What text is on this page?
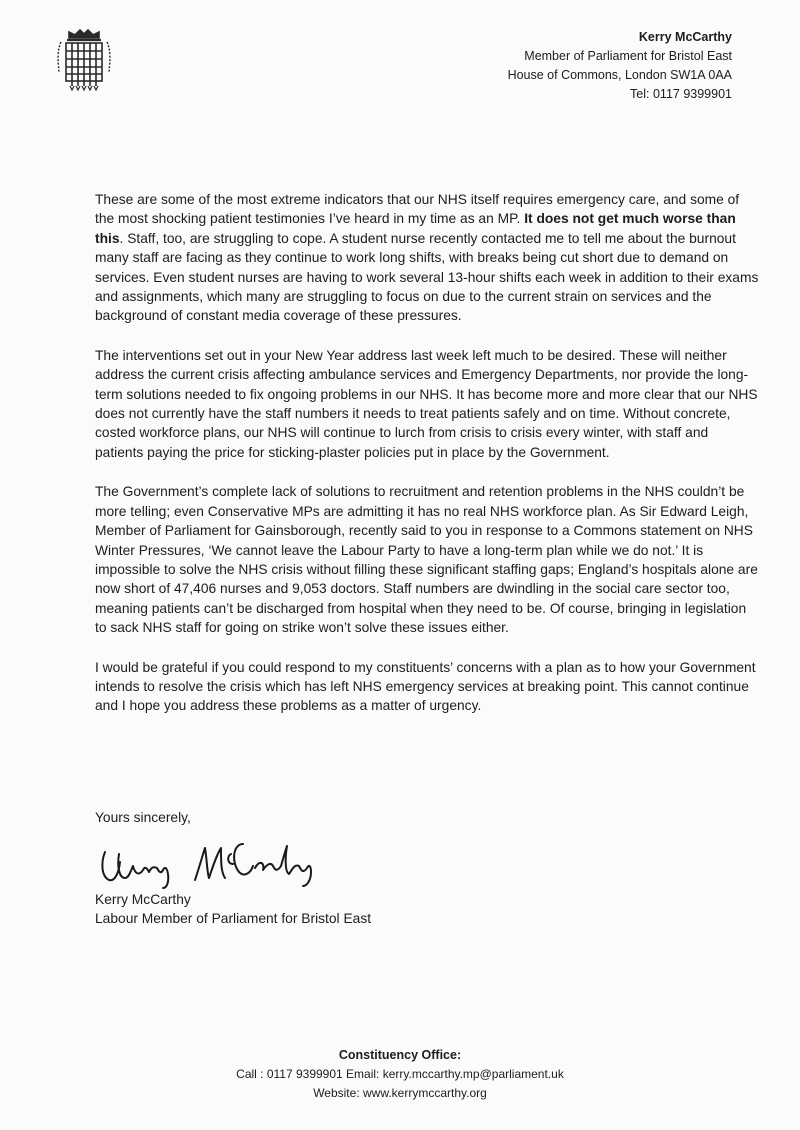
Kerry McCarthy
Member of Parliament for Bristol East
House of Commons, London SW1A 0AA
Tel: 0117 9399901

These are some of the most extreme indicators that our NHS itself requires emergency care, and some of the most shocking patient testimonies I’ve heard in my time as an MP. It does not get much worse than this. Staff, too, are struggling to cope. A student nurse recently contacted me to tell me about the burnout many staff are facing as they continue to work long shifts, with breaks being cut short due to demand on services. Even student nurses are having to work several 13-hour shifts each week in addition to their exams and assignments, which many are struggling to focus on due to the current strain on services and the background of constant media coverage of these pressures.

The interventions set out in your New Year address last week left much to be desired. These will neither address the current crisis affecting ambulance services and Emergency Departments, nor provide the long-term solutions needed to fix ongoing problems in our NHS. It has become more and more clear that our NHS does not currently have the staff numbers it needs to treat patients safely and on time. Without concrete, costed workforce plans, our NHS will continue to lurch from crisis to crisis every winter, with staff and patients paying the price for sticking-plaster policies put in place by the Government.

The Government’s complete lack of solutions to recruitment and retention problems in the NHS couldn’t be more telling; even Conservative MPs are admitting it has no real NHS workforce plan. As Sir Edward Leigh, Member of Parliament for Gainsborough, recently said to you in response to a Commons statement on NHS Winter Pressures, ‘We cannot leave the Labour Party to have a long-term plan while we do not.’ It is impossible to solve the NHS crisis without filling these significant staffing gaps; England’s hospitals alone are now short of 47,406 nurses and 9,053 doctors. Staff numbers are dwindling in the social care sector too, meaning patients can’t be discharged from hospital when they need to be. Of course, bringing in legislation to sack NHS staff for going on strike won’t solve these issues either.

I would be grateful if you could respond to my constituents’ concerns with a plan as to how your Government intends to resolve the crisis which has left NHS emergency services at breaking point. This cannot continue and I hope you address these problems as a matter of urgency.

Yours sincerely,
Kerry McCarthy
Labour Member of Parliament for Bristol East
Constituency Office:
Call : 0117 9399901 Email: kerry.mccarthy.mp@parliament.uk
Website: www.kerrymccarthy.org
